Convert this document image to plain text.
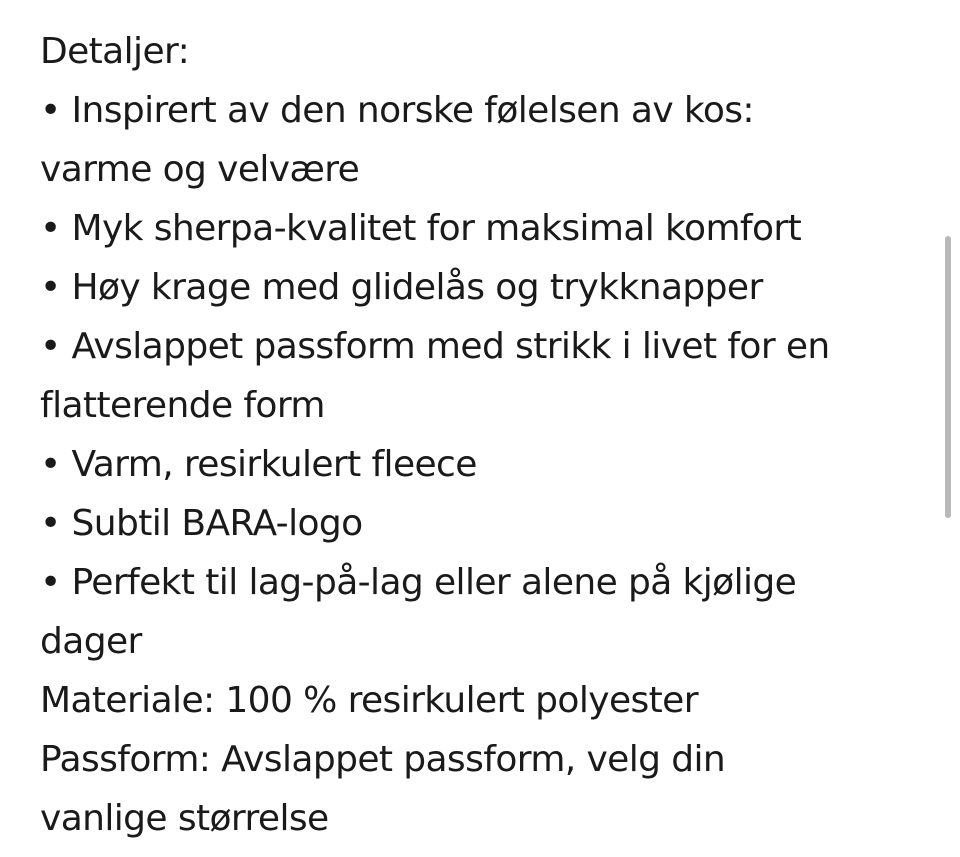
Detaljer:
• Inspirert av den norske følelsen av kos:
varme og velvære
• Myk sherpa-kvalitet for maksimal komfort
• Høy krage med glidelås og trykknapper
• Avslappet passform med strikk i livet for en
flatterende form
• Varm, resirkulert fleece
• Subtil BARA-logo
• Perfekt til lag-på-lag eller alene på kjølige
dager
Materiale: 100 % resirkulert polyester
Passform: Avslappet passform, velg din
vanlige størrelse
